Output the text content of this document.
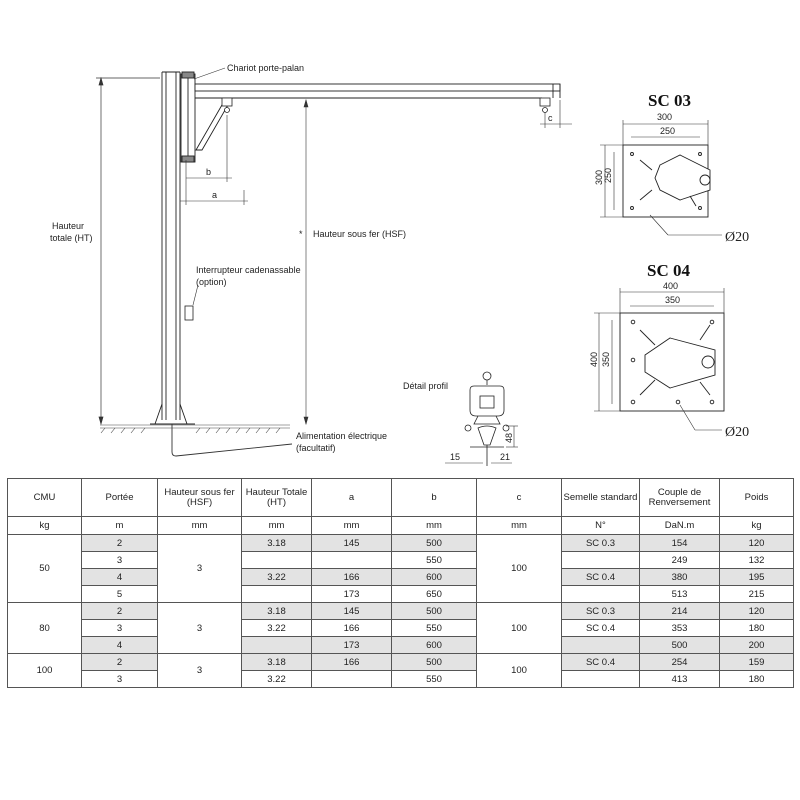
Hauteur
totale (HT)
Chariot porte-palan
c
* Hauteur sous fer (HSF)
b
a
Interrupteur cadenassable
(option)
Alimentation électrique
(facultatif)
Détail profil
48
15	21
SC 03
300
250
300 250
Ø20
SC 04
400
350
400 350
Ø20
CMU	Portée	Hauteur sous fer (HSF)	Hauteur Totale (HT)	a	b	c	Semelle standard	Couple de Renversement	Poids
kg	m	mm	mm	mm	mm	mm	N°	DaN.m	kg
50	2	3	3.18	145	500	100	SC 0.3	154	120
	3				550			249	132
	4		3.22	166	600		SC 0.4	380	195
	5			173	650			513	215
80	2	3	3.18	145	500	100	SC 0.3	214	120
	3		3.22	166	550		SC 0.4	353	180
	4			173	600			500	200
100	2	3	3.18	166	500	100	SC 0.4	254	159
	3		3.22		550			413	180
